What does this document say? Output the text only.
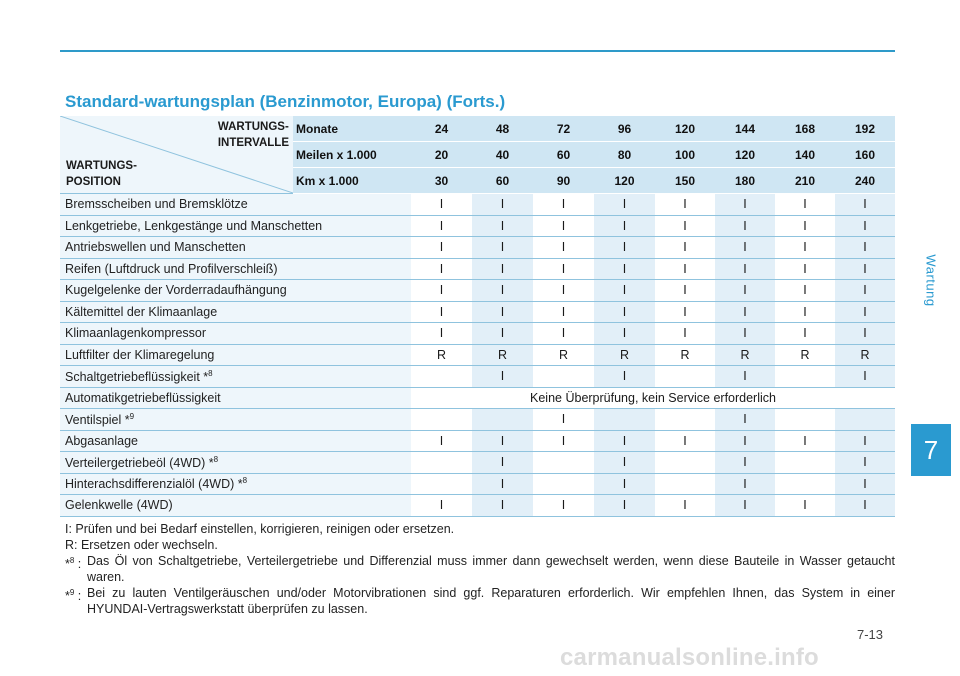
Standard-wartungsplan (Benzinmotor, Europa) (Forts.)
WARTUNGS-
INTERVALLE
WARTUNGS-
POSITION	Monate	24	48	72	96	120	144	168	192
	Meilen x 1.000	20	40	60	80	100	120	140	160
	Km x 1.000	30	60	90	120	150	180	210	240
Bremsscheiben und Bremsklötze		I	I	I	I	I	I	I	I
Lenkgetriebe, Lenkgestänge und Manschetten		I	I	I	I	I	I	I	I
Antriebswellen und Manschetten		I	I	I	I	I	I	I	I
Reifen (Luftdruck und Profilverschleiß)		I	I	I	I	I	I	I	I
Kugelgelenke der Vorderradaufhängung		I	I	I	I	I	I	I	I
Kältemittel der Klimaanlage		I	I	I	I	I	I	I	I
Klimaanlagenkompressor		I	I	I	I	I	I	I	I
Luftfilter der Klimaregelung		R	R	R	R	R	R	R	R
Schaltgetriebeflüssigkeit *$^8$			I		I		I		I
Automatikgetriebeflüssigkeit		Keine Überprüfung, kein Service erforderlich							
Ventilspiel *$^9$				I			I		
Abgasanlage		I	I	I	I	I	I	I	I
Verteilergetriebeöl (4WD) *$^8$			I		I		I		I
Hinterachsdifferenzialöl (4WD) *$^8$			I		I		I		I
Gelenkwelle (4WD)		I	I	I	I	I	I	I	I
I: Prüfen und bei Bedarf einstellen, korrigieren, reinigen oder ersetzen.
R: Ersetzen oder wechseln.
*$^8$ : Das Öl von Schaltgetriebe, Verteilergetriebe und Differenzial muss immer dann gewechselt werden, wenn diese Bauteile in Wasser getaucht waren.
*$^9$ : Bei zu lauten Ventilgeräuschen und/oder Motorvibrationen sind ggf. Reparaturen erforderlich. Wir empfehlen Ihnen, das System in einer HYUNDAI-Vertragswerkstatt überprüfen zu lassen.
Wartung
7
7-13
carmanualsonline.info
